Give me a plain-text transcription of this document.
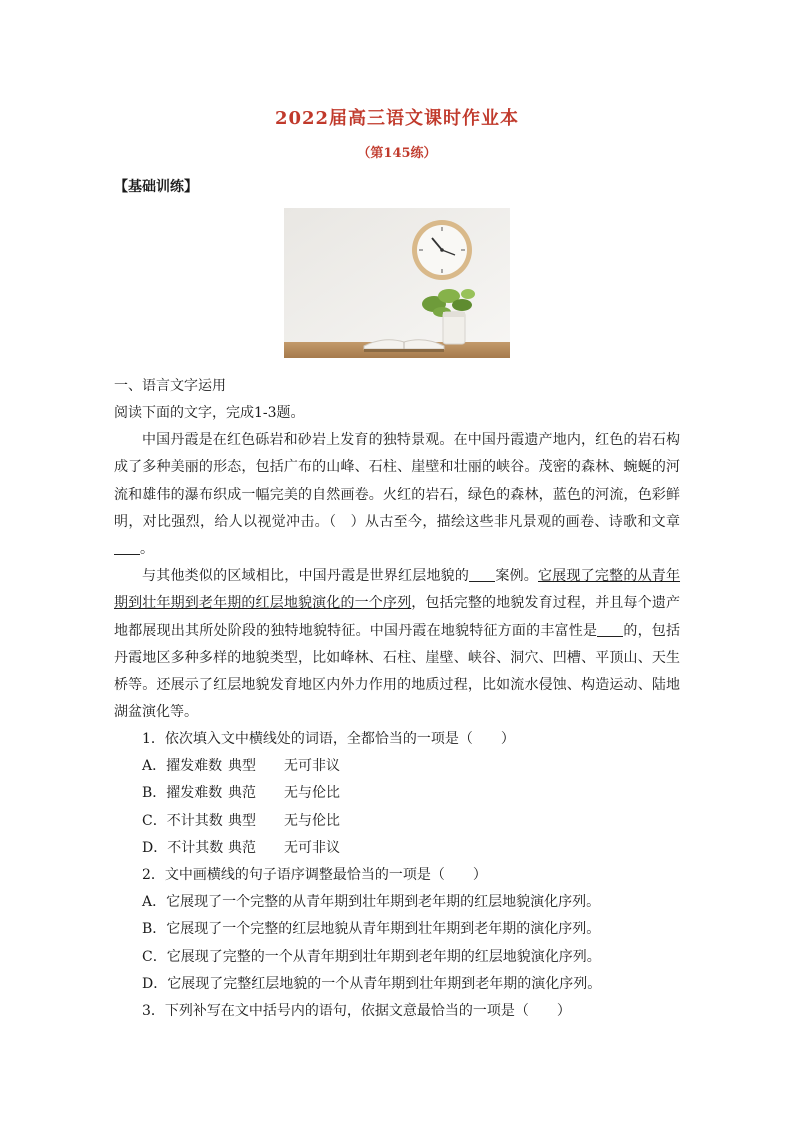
2022届高三语文课时作业本
（第145练）
【基础训练】
一、语言文字运用
阅读下面的文字，完成1-3题。

中国丹霞是在红色砾岩和砂岩上发育的独特景观。在中国丹霞遗产地内，红色的岩石构成了多种美丽的形态，包括广布的山峰、石柱、崖壁和壮丽的峡谷。茂密的森林、蜿蜒的河流和雄伟的瀑布织成一幅完美的自然画卷。火红的岩石，绿色的森林，蓝色的河流，色彩鲜明，对比强烈，给人以视觉冲击。（　）从古至今，描绘这些非凡景观的画卷、诗歌和文章。

与其他类似的区域相比，中国丹霞是世界红层地貌的 案例。它展现了完整的从青年期到壮年期到老年期的红层地貌演化的一个序列，包括完整的地貌发育过程，并且每个遗产地都展现出其所处阶段的独特地貌特征。中国丹霞在地貌特征方面的丰富性是 的，包括丹霞地区多种多样的地貌类型，比如峰林、石柱、崖壁、峡谷、洞穴、凹槽、平顶山、天生桥等。还展示了红层地貌发育地区内外力作用的地质过程，比如流水侵蚀、构造运动、陆地湖盆演化等。

1．依次填入文中横线处的词语，全都恰当的一项是（　　）
A．擢发难数 典型 无可非议
B．擢发难数 典范 无与伦比
C．不计其数 典型 无与伦比
D．不计其数 典范 无可非议
2．文中画横线的句子语序调整最恰当的一项是（　　）
A．它展现了一个完整的从青年期到壮年期到老年期的红层地貌演化序列。
B．它展现了一个完整的红层地貌从青年期到壮年期到老年期的演化序列。
C．它展现了完整的一个从青年期到壮年期到老年期的红层地貌演化序列。
D．它展现了完整红层地貌的一个从青年期到壮年期到老年期的演化序列。
3．下列补写在文中括号内的语句，依据文意最恰当的一项是（　　）
